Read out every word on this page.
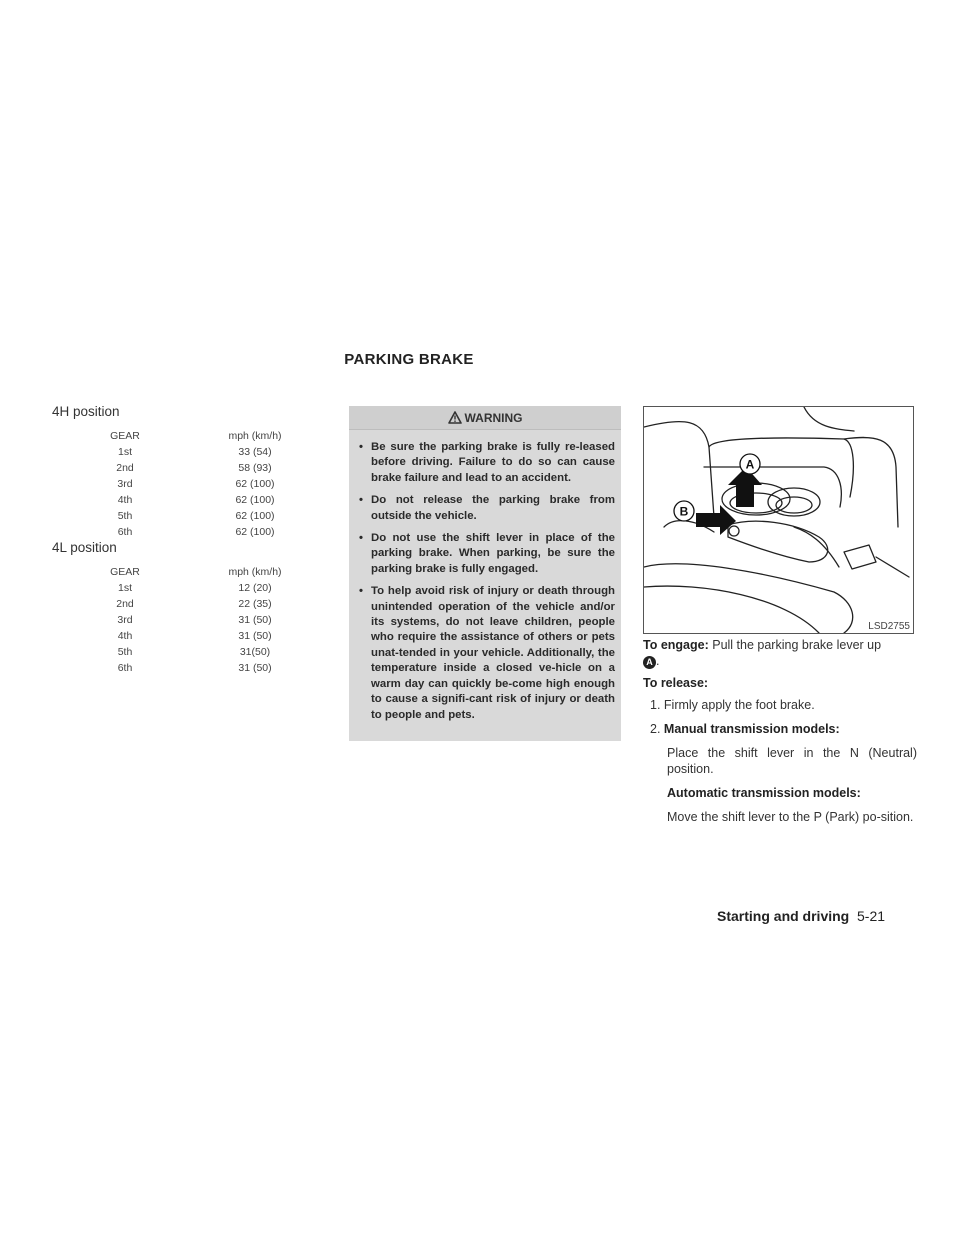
PARKING BRAKE
4H position
GEAR	mph (km/h)
1st	33 (54)
2nd	58 (93)
3rd	62 (100)
4th	62 (100)
5th	62 (100)
6th	62 (100)
4L position
GEAR	mph (km/h)
1st	12 (20)
2nd	22 (35)
3rd	31 (50)
4th	31 (50)
5th	31(50)
6th	31 (50)
WARNING
• Be sure the parking brake is fully re-leased before driving. Failure to do so can cause brake failure and lead to an accident.
• Do not release the parking brake from outside the vehicle.
• Do not use the shift lever in place of the parking brake. When parking, be sure the parking brake is fully engaged.
• To help avoid risk of injury or death through unintended operation of the vehicle and/or its systems, do not leave children, people who require the assistance of others or pets unat-tended in your vehicle. Additionally, the temperature inside a closed ve-hicle on a warm day can quickly be-come high enough to cause a signifi-cant risk of injury or death to people and pets.
A
B
LSD2755
To engage: Pull the parking brake lever up
A .
To release:
1. Firmly apply the foot brake.
2. Manual transmission models:
Place the shift lever in the N (Neutral) position.
Automatic transmission models:
Move the shift lever to the P (Park) po-sition.
Starting and driving 5-21
